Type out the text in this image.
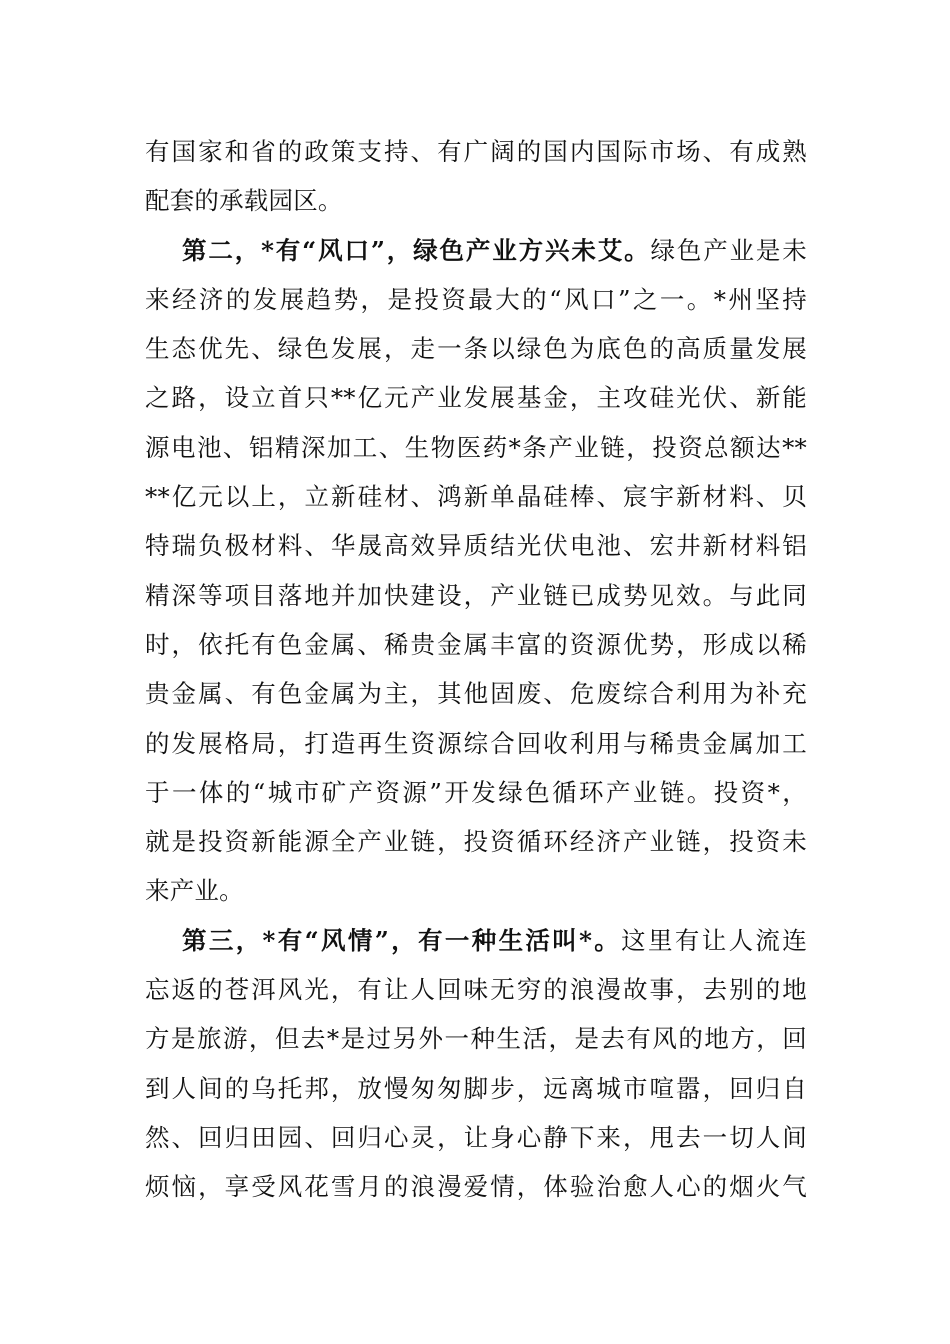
有国家和省的政策支持、有广阔的国内国际市场、有成熟
配套的承载园区。
第二，*有“风口”，绿色产业方兴未艾。绿色产业是未
来经济的发展趋势，是投资最大的“风口”之一。*州坚持
生态优先、绿色发展，走一条以绿色为底色的高质量发展
之路，设立首只**亿元产业发展基金，主攻硅光伏、新能
源电池、铝精深加工、生物医药*条产业链，投资总额达**
**亿元以上，立新硅材、鸿新单晶硅棒、宸宇新材料、贝
特瑞负极材料、华晟高效异质结光伏电池、宏井新材料铝
精深等项目落地并加快建设，产业链已成势见效。与此同
时，依托有色金属、稀贵金属丰富的资源优势，形成以稀
贵金属、有色金属为主，其他固废、危废综合利用为补充
的发展格局，打造再生资源综合回收利用与稀贵金属加工
于一体的“城市矿产资源”开发绿色循环产业链。投资*，
就是投资新能源全产业链，投资循环经济产业链，投资未
来产业。
第三，*有“风情”，有一种生活叫*。这里有让人流连
忘返的苍洱风光，有让人回味无穷的浪漫故事，去别的地
方是旅游，但去*是过另外一种生活，是去有风的地方，回
到人间的乌托邦，放慢匆匆脚步，远离城市喧嚣，回归自
然、回归田园、回归心灵，让身心静下来，甩去一切人间
烦恼，享受风花雪月的浪漫爱情，体验治愈人心的烟火气
